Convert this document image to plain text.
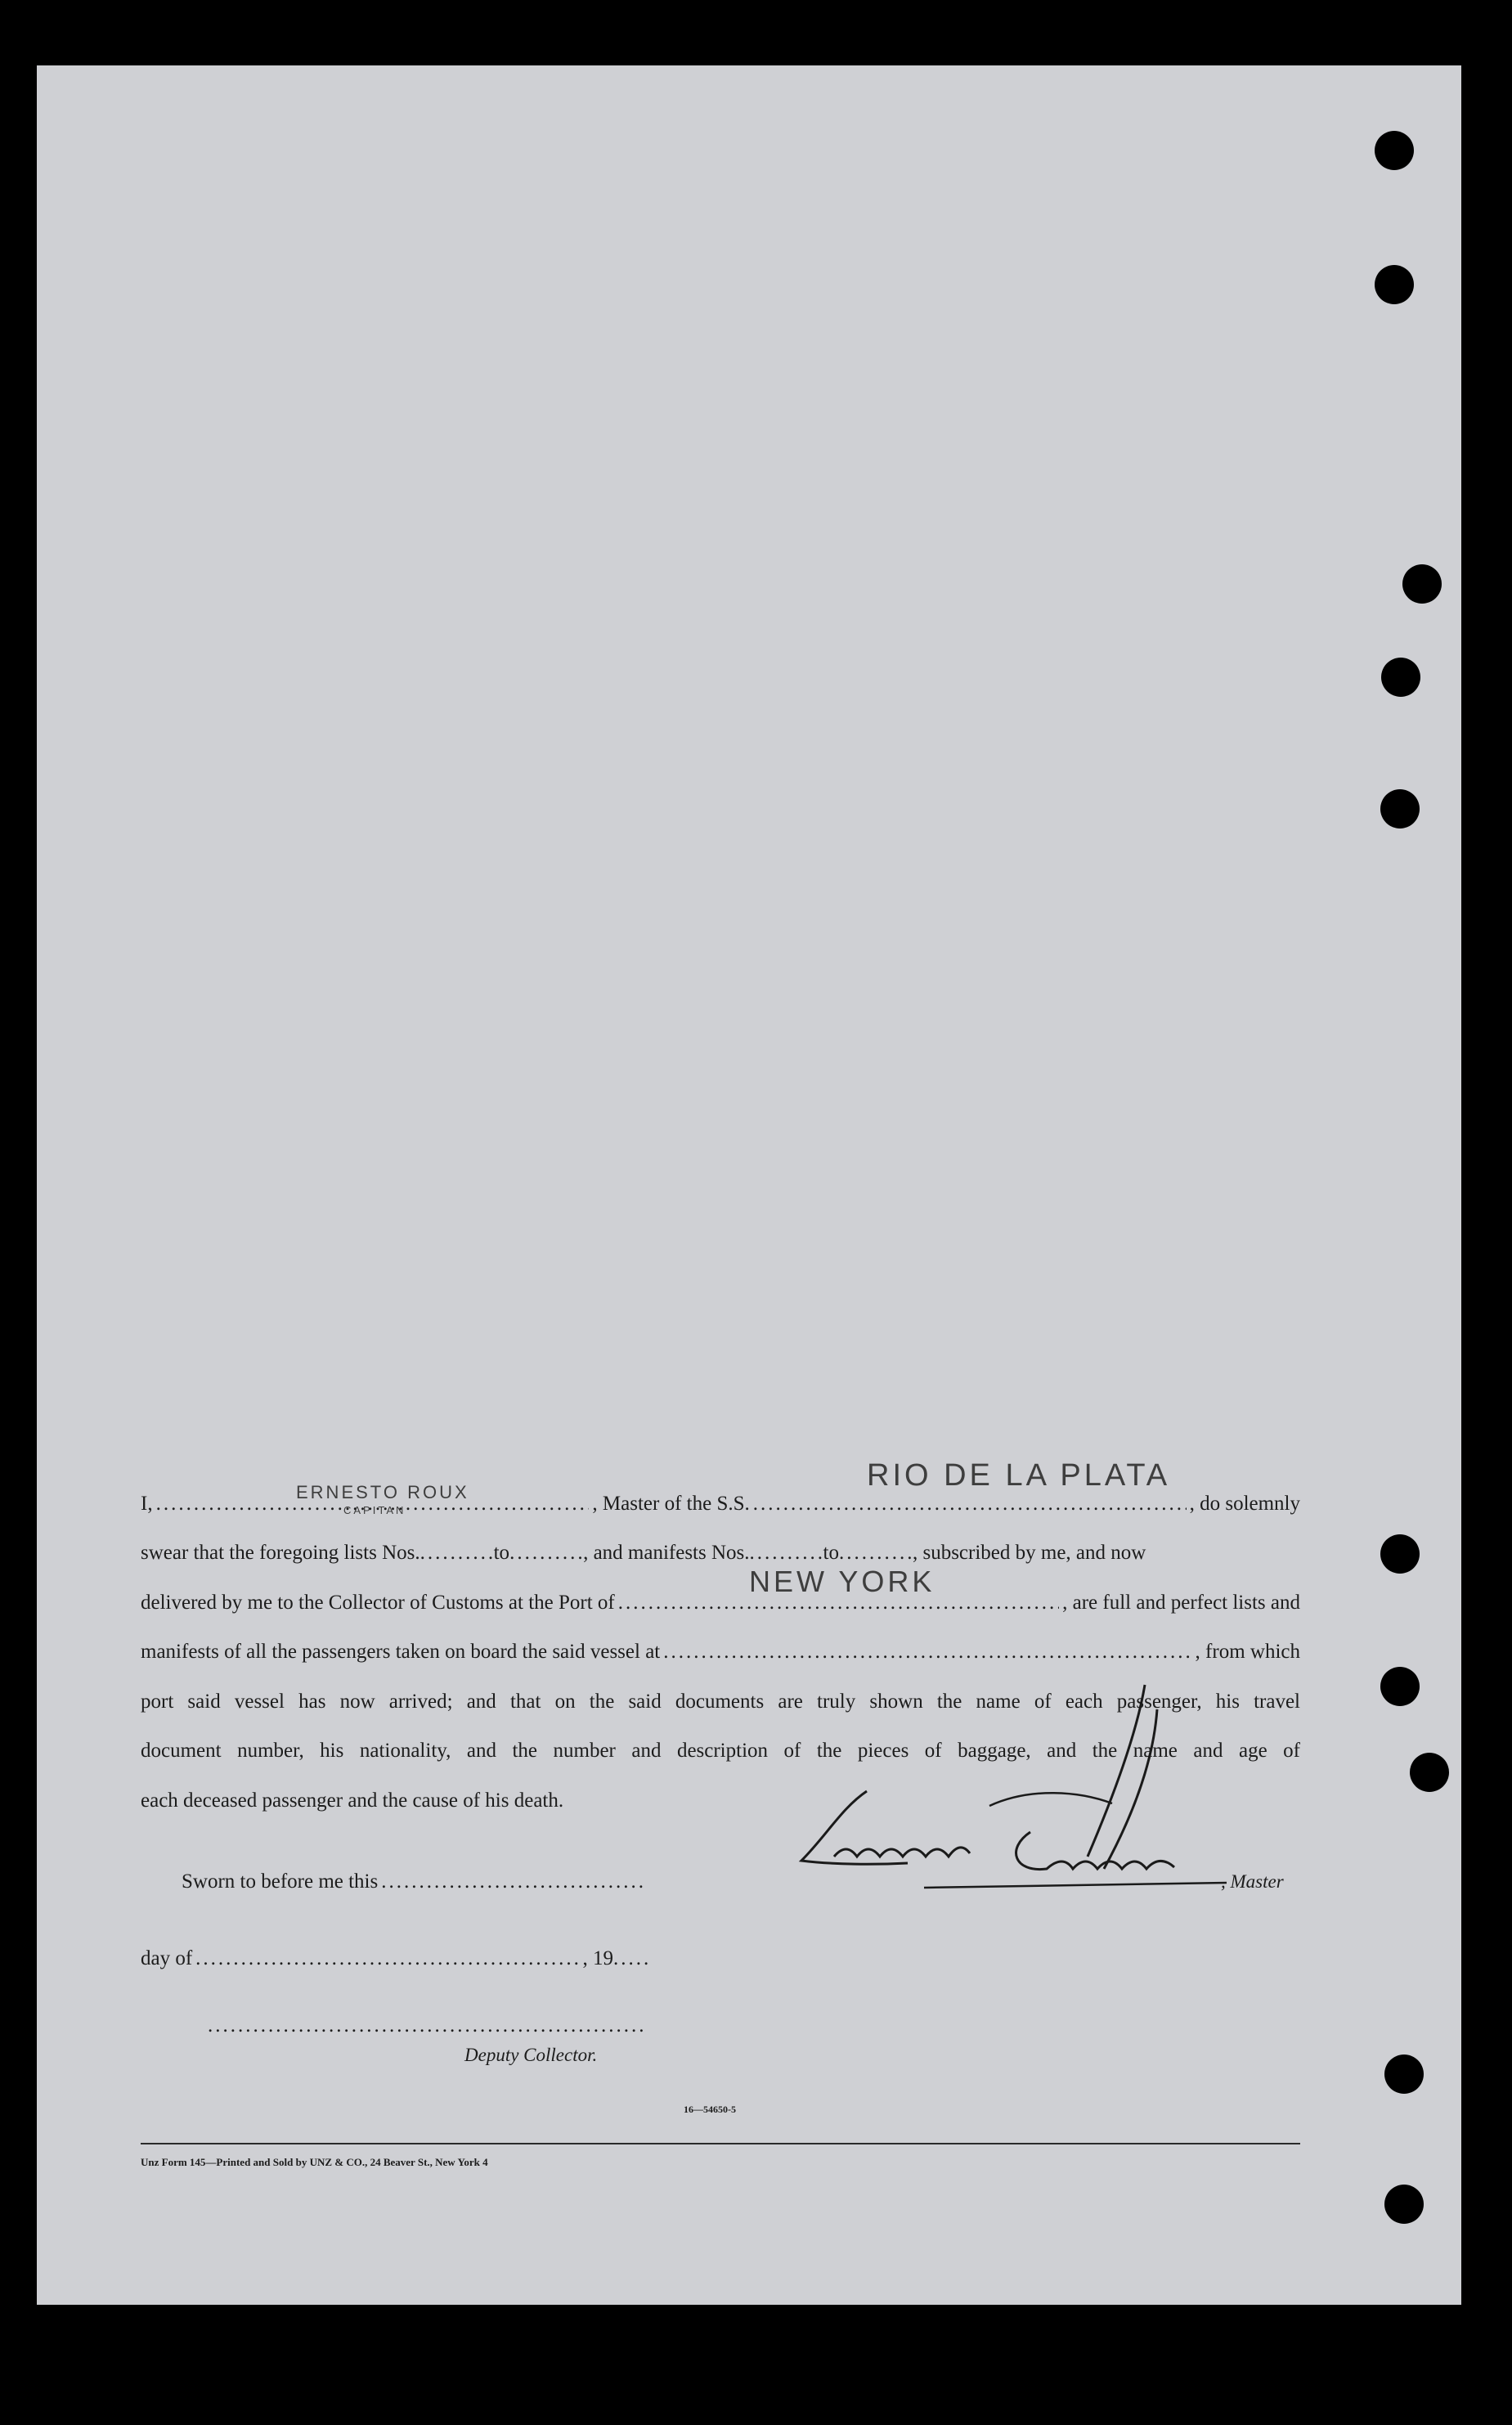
ERNESTO ROUX
CAPITAN
RIO DE LA PLATA
NEW YORK
I, .....	, Master of the S.S. .....	, do solemnly
swear that the foregoing lists Nos. .....	to .....	, and manifests Nos. .....	to .....	, subscribed by me, and now
delivered by me to the Collector of Customs at the Port of .....	, are full and perfect lists and
manifests of all the passengers taken on board the said vessel at .....	, from which
port said vessel has now arrived; and that on the said documents are truly shown the name of each passenger, his travel
document number, his nationality, and the number and description of the pieces of baggage, and the name and age of
each deceased passenger and the cause of his death.
, Master
Sworn to before me this
.....
day of .....	, 19
.....
.....
Deputy Collector.
16—54650-5
Unz Form 145—Printed and Sold by UNZ & CO., 24 Beaver St., New York 4
